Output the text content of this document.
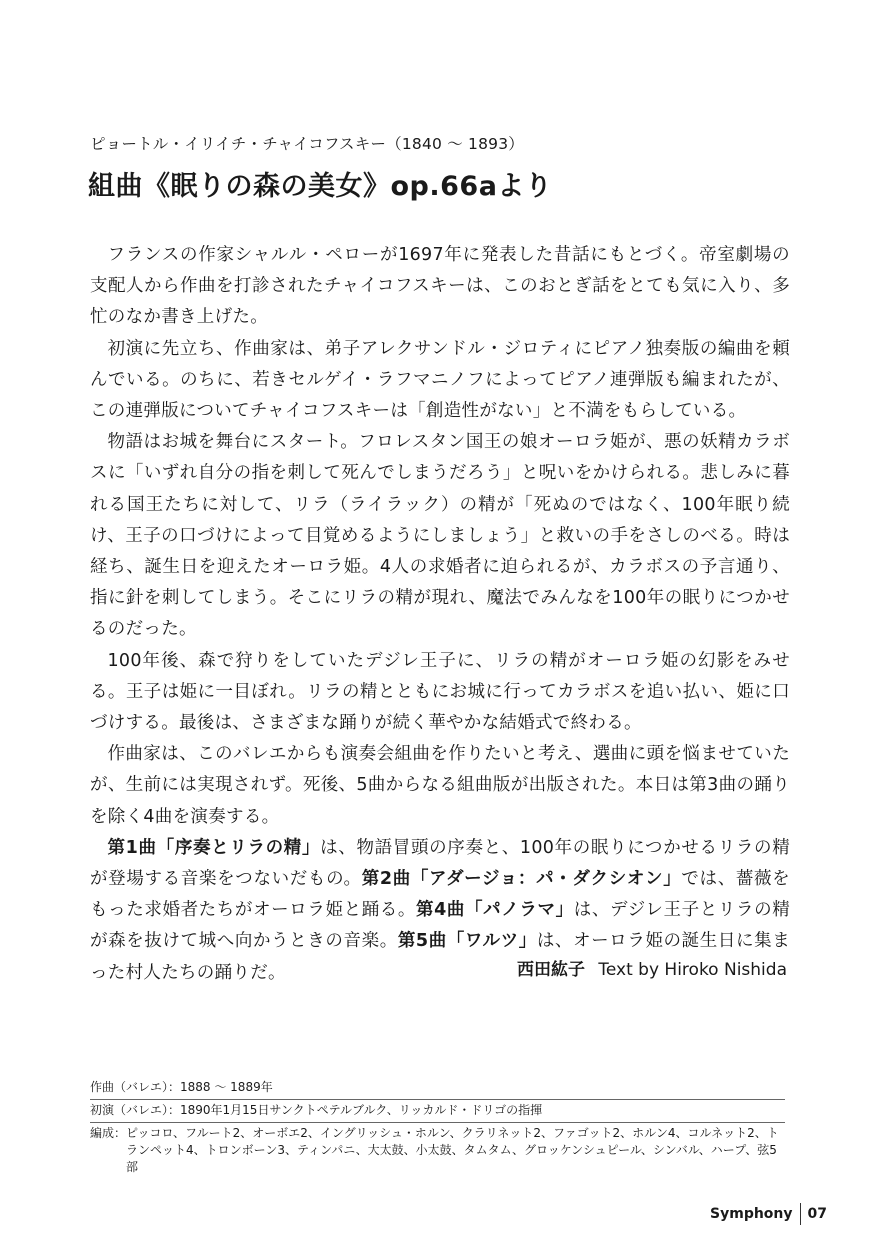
ピョートル・イリイチ・チャイコフスキー（1840 ～ 1893）
組曲《眠りの森の美女》op.66aより

フランスの作家シャルル・ペローが1697年に発表した昔話にもとづく。帝室劇場の支配人から作曲を打診されたチャイコフスキーは、このおとぎ話をとても気に入り、多忙のなか書き上げた。

初演に先立ち、作曲家は、弟子アレクサンドル・ジロティにピアノ独奏版の編曲を頼んでいる。のちに、若きセルゲイ・ラフマニノフによってピアノ連弾版も編まれたが、この連弾版についてチャイコフスキーは「創造性がない」と不満をもらしている。

物語はお城を舞台にスタート。フロレスタン国王の娘オーロラ姫が、悪の妖精カラボスに「いずれ自分の指を刺して死んでしまうだろう」と呪いをかけられる。悲しみに暮れる国王たちに対して、リラ（ライラック）の精が「死ぬのではなく、100年眠り続け、王子の口づけによって目覚めるようにしましょう」と救いの手をさしのべる。時は経ち、誕生日を迎えたオーロラ姫。4人の求婚者に迫られるが、カラボスの予言通り、指に針を刺してしまう。そこにリラの精が現れ、魔法でみんなを100年の眠りにつかせるのだった。

100年後、森で狩りをしていたデジレ王子に、リラの精がオーロラ姫の幻影をみせる。王子は姫に一目ぼれ。リラの精とともにお城に行ってカラボスを追い払い、姫に口づけする。最後は、さまざまな踊りが続く華やかな結婚式で終わる。

作曲家は、このバレエからも演奏会組曲を作りたいと考え、選曲に頭を悩ませていたが、生前には実現されず。死後、5曲からなる組曲版が出版された。本日は第3曲の踊りを除く4曲を演奏する。

第1曲「序奏とリラの精」は、物語冒頭の序奏と、100年の眠りにつかせるリラの精が登場する音楽をつないだもの。第2曲「アダージョ：パ・ダクシオン」では、薔薇をもった求婚者たちがオーロラ姫と踊る。第4曲「パノラマ」は、デジレ王子とリラの精が森を抜けて城へ向かうときの音楽。第5曲「ワルツ」は、オーロラ姫の誕生日に集まった村人たちの踊りだ。	西田紘子 Text by Hiroko Nishida
作曲（バレエ）：1888 ～ 1889年
初演（バレエ）：1890年1月15日サンクトペテルブルク、リッカルド・ドリゴの指揮
編成： ピッコロ、フルート2、オーボエ2、イングリッシュ・ホルン、クラリネット2、ファゴット2、ホルン4、コルネット2、トランペット4、トロンボーン3、ティンパニ、大太鼓、小太鼓、タムタム、グロッケンシュピール、シンバル、ハープ、弦5部
Symphony 07
